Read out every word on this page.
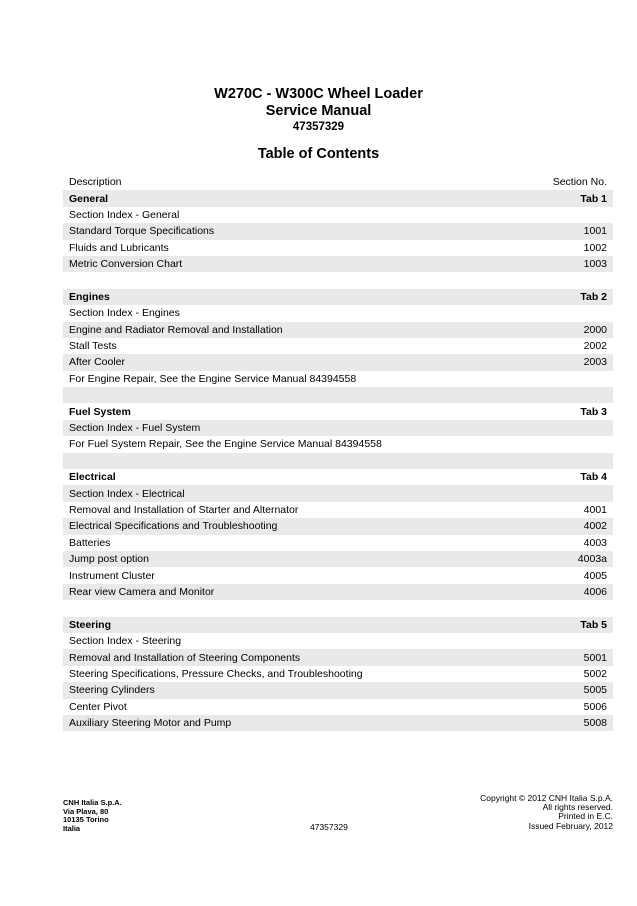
W270C - W300C Wheel Loader
Service Manual
47357329
Table of Contents
Description	Section No.
General	Tab 1
Section Index - General
Standard Torque Specifications	1001
Fluids and Lubricants	1002
Metric Conversion Chart	1003
Engines	Tab 2
Section Index - Engines
Engine and Radiator Removal and Installation	2000
Stall Tests	2002
After Cooler	2003
For Engine Repair, See the Engine Service Manual 84394558
Fuel System	Tab 3
Section Index - Fuel System
For Fuel System Repair, See the Engine Service Manual 84394558
Electrical	Tab 4
Section Index - Electrical
Removal and Installation of Starter and Alternator	4001
Electrical Specifications and Troubleshooting	4002
Batteries	4003
Jump post option	4003a
Instrument Cluster	4005
Rear view Camera and Monitor	4006
Steering	Tab 5
Section Index - Steering
Removal and Installation of Steering Components	5001
Steering Specifications, Pressure Checks, and Troubleshooting	5002
Steering Cylinders	5005
Center Pivot	5006
Auxiliary Steering Motor and Pump	5008
CNH Italia S.p.A.
Via Plava, 80
10135 Torino
Italia	47357329
Copyright © 2012 CNH Italia S.p.A.
All rights reserved.
Printed in E.C.
Issued February, 2012
